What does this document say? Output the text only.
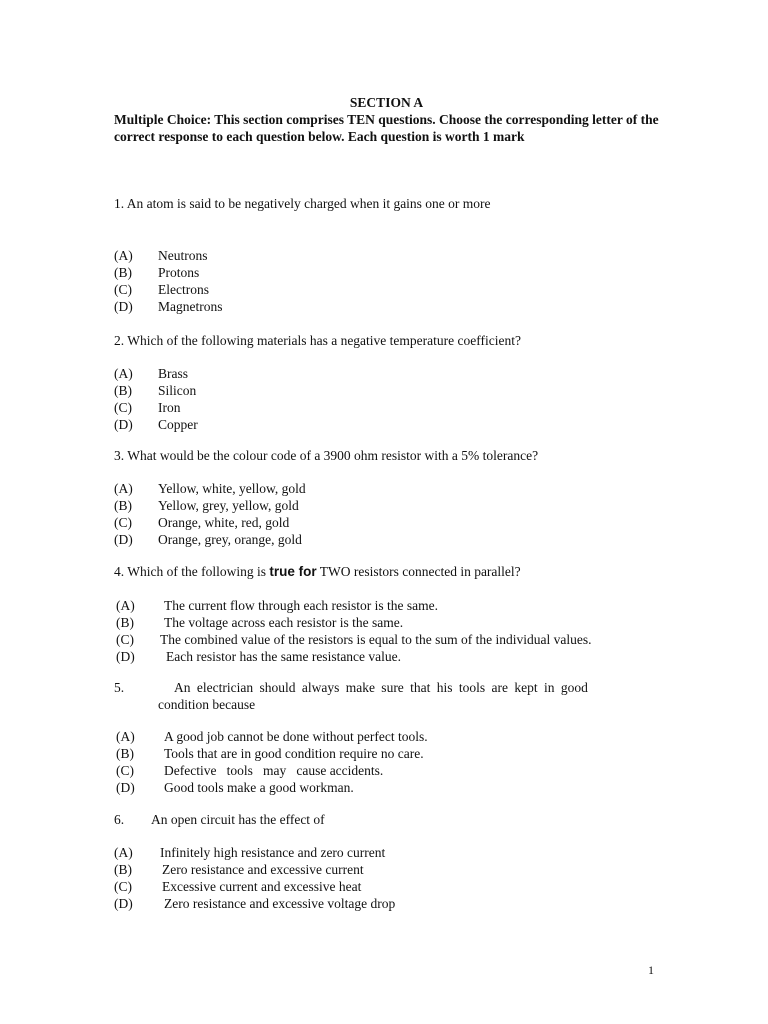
SECTION A
Multiple Choice: This section comprises TEN questions. Choose the corresponding letter of the correct response to each question below. Each question is worth 1 mark
1. An atom is said to be negatively charged when it gains one or more
(A) Neutrons
(B) Protons
(C) Electrons
(D) Magnetrons
2. Which of the following materials has a negative temperature coefficient?
(A) Brass
(B) Silicon
(C) Iron
(D) Copper
3. What would be the colour code of a 3900 ohm resistor with a 5% tolerance?
(A) Yellow, white, yellow, gold
(B) Yellow, grey, yellow, gold
(C) Orange, white, red, gold
(D) Orange, grey, orange, gold
4. Which of the following is true for TWO resistors connected in parallel?
(A) The current flow through each resistor is the same.
(B) The voltage across each resistor is the same.
(C) The combined value of the resistors is equal to the sum of the individual values.
(D) Each resistor has the same resistance value.
5.	An electrician should always make sure that his tools are kept in good
condition because
(A) A good job cannot be done without perfect tools.
(B) Tools that are in good condition require no care.
(C) Defective   tools   may   cause accidents.
(D) Good tools make a good workman.
6. An open circuit has the effect of
(A) Infinitely high resistance and zero current
(B) Zero resistance and excessive current
(C) Excessive current and excessive heat
(D) Zero resistance and excessive voltage drop
1
